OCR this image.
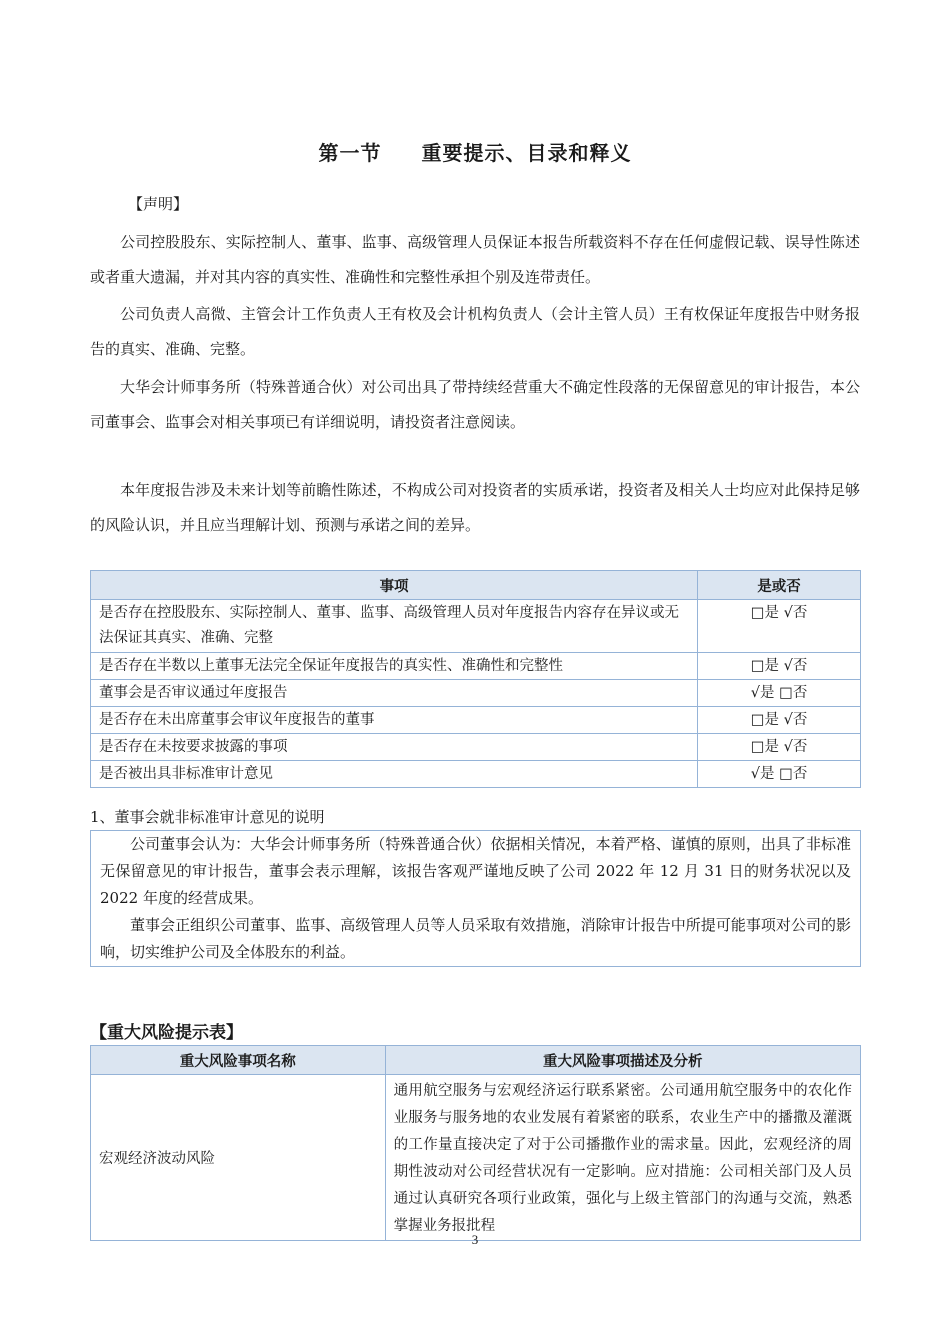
第一节 重要提示、目录和释义
【声明】
公司控股股东、实际控制人、董事、监事、高级管理人员保证本报告所载资料不存在任何虚假记载、误导性陈述或者重大遗漏，并对其内容的真实性、准确性和完整性承担个别及连带责任。
公司负责人高微、主管会计工作负责人王有枚及会计机构负责人（会计主管人员）王有枚保证年度报告中财务报告的真实、准确、完整。
大华会计师事务所（特殊普通合伙）对公司出具了带持续经营重大不确定性段落的无保留意见的审计报告，本公司董事会、监事会对相关事项已有详细说明，请投资者注意阅读。
本年度报告涉及未来计划等前瞻性陈述，不构成公司对投资者的实质承诺，投资者及相关人士均应对此保持足够的风险认识，并且应当理解计划、预测与承诺之间的差异。
事项	是或否
是否存在控股股东、实际控制人、董事、监事、高级管理人员对年度报告内容存在异议或无法保证其真实、准确、完整	□是 √否
是否存在半数以上董事无法完全保证年度报告的真实性、准确性和完整性	□是 √否
董事会是否审议通过年度报告	√是 □否
是否存在未出席董事会审议年度报告的董事	□是 √否
是否存在未按要求披露的事项	□是 √否
是否被出具非标准审计意见	√是 □否
1、董事会就非标准审计意见的说明

公司董事会认为：大华会计师事务所（特殊普通合伙）依据相关情况，本着严格、谨慎的原则，出具了非标准无保留意见的审计报告，董事会表示理解，该报告客观严谨地反映了公司 2022 年 12 月 31 日的财务状况以及 2022 年度的经营成果。

董事会正组织公司董事、监事、高级管理人员等人员采取有效措施，消除审计报告中所提可能事项对公司的影响，切实维护公司及全体股东的利益。

【重大风险提示表】
重大风险事项名称	重大风险事项描述及分析
宏观经济波动风险	通用航空服务与宏观经济运行联系紧密。公司通用航空服务中的农化作业服务与服务地的农业发展有着紧密的联系，农业生产中的播撒及灌溉的工作量直接决定了对于公司播撒作业的需求量。因此，宏观经济的周期性波动对公司经营状况有一定影响。应对措施：公司相关部门及人员通过认真研究各项行业政策，强化与上级主管部门的沟通与交流，熟悉掌握业务报批程
3
